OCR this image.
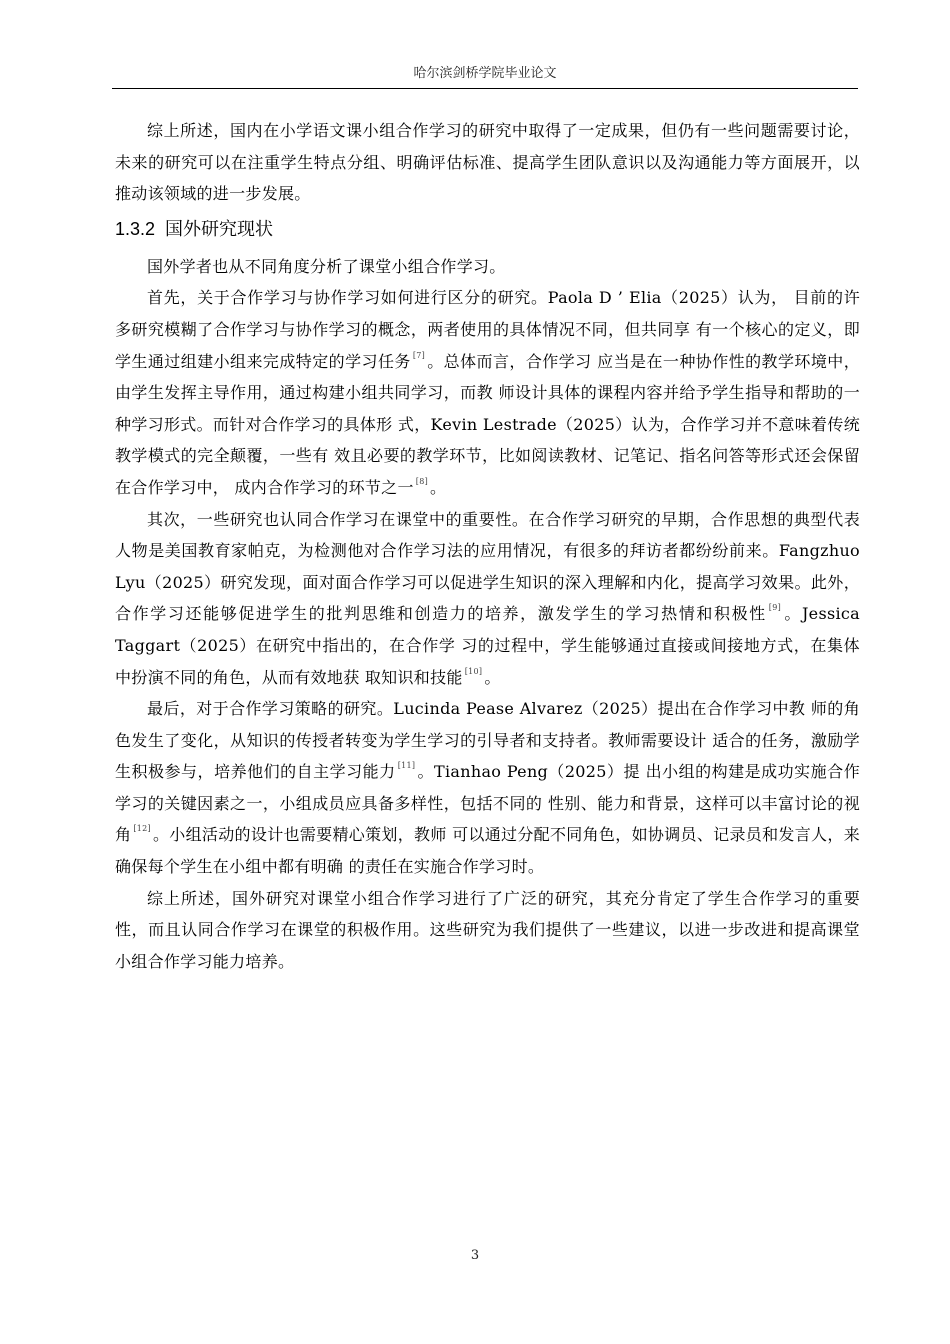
哈尔滨剑桥学院毕业论文

综上所述，国内在小学语文课小组合作学习的研究中取得了一定成果，但仍有一些问题需要讨论，未来的研究可以在注重学生特点分组、明确评估标准、提高学生团队意识以及沟通能力等方面展开，以推动该领域的进一步发展。

1.3.2 国外研究现状

国外学者也从不同角度分析了课堂小组合作学习。

首先，关于合作学习与协作学习如何进行区分的研究。Paola D ’ Elia（2025）认为， 目前的许多研究模糊了合作学习与协作学习的概念，两者使用的具体情况不同，但共同享 有一个核心的定义，即学生通过组建小组来完成特定的学习任务 [7] 。总体而言，合作学习 应当是在一种协作性的教学环境中，由学生发挥主导作用，通过构建小组共同学习，而教 师设计具体的课程内容并给予学生指导和帮助的一种学习形式。而针对合作学习的具体形 式，Kevin Lestrade（2025）认为，合作学习并不意味着传统教学模式的完全颠覆，一些有 效且必要的教学环节，比如阅读教材、记笔记、指名问答等形式还会保留在合作学习中， 成内合作学习的环节之一 [8] 。

其次，一些研究也认同合作学习在课堂中的重要性。在合作学习研究的早期，合作思想的典型代表人物是美国教育家帕克，为检测他对合作学习法的应用情况，有很多的拜访者都纷纷前来。Fangzhuo Lyu（2025）研究发现，面对面合作学习可以促进学生知识的深入理解和内化，提高学习效果。此外，合作学习还能够促进学生的批判思维和创造力的培养，激发学生的学习热情和积极性 [9] 。Jessica Taggart（2025）在研究中指出的，在合作学 习的过程中，学生能够通过直接或间接地方式，在集体中扮演不同的角色，从而有效地获 取知识和技能 [10] 。

最后，对于合作学习策略的研究。Lucinda Pease Alvarez（2025）提出在合作学习中教 师的角色发生了变化，从知识的传授者转变为学生学习的引导者和支持者。教师需要设计 适合的任务，激励学生积极参与，培养他们的自主学习能力 [11] 。Tianhao Peng（2025）提 出小组的构建是成功实施合作学习的关键因素之一，小组成员应具备多样性，包括不同的 性别、能力和背景，这样可以丰富讨论的视角 [12] 。小组活动的设计也需要精心策划，教师 可以通过分配不同角色，如协调员、记录员和发言人，来确保每个学生在小组中都有明确 的责任在实施合作学习时。

综上所述，国外研究对课堂小组合作学习进行了广泛的研究，其充分肯定了学生合作学习的重要性，而且认同合作学习在课堂的积极作用。这些研究为我们提供了一些建议，以进一步改进和提高课堂小组合作学习能力培养。

3
